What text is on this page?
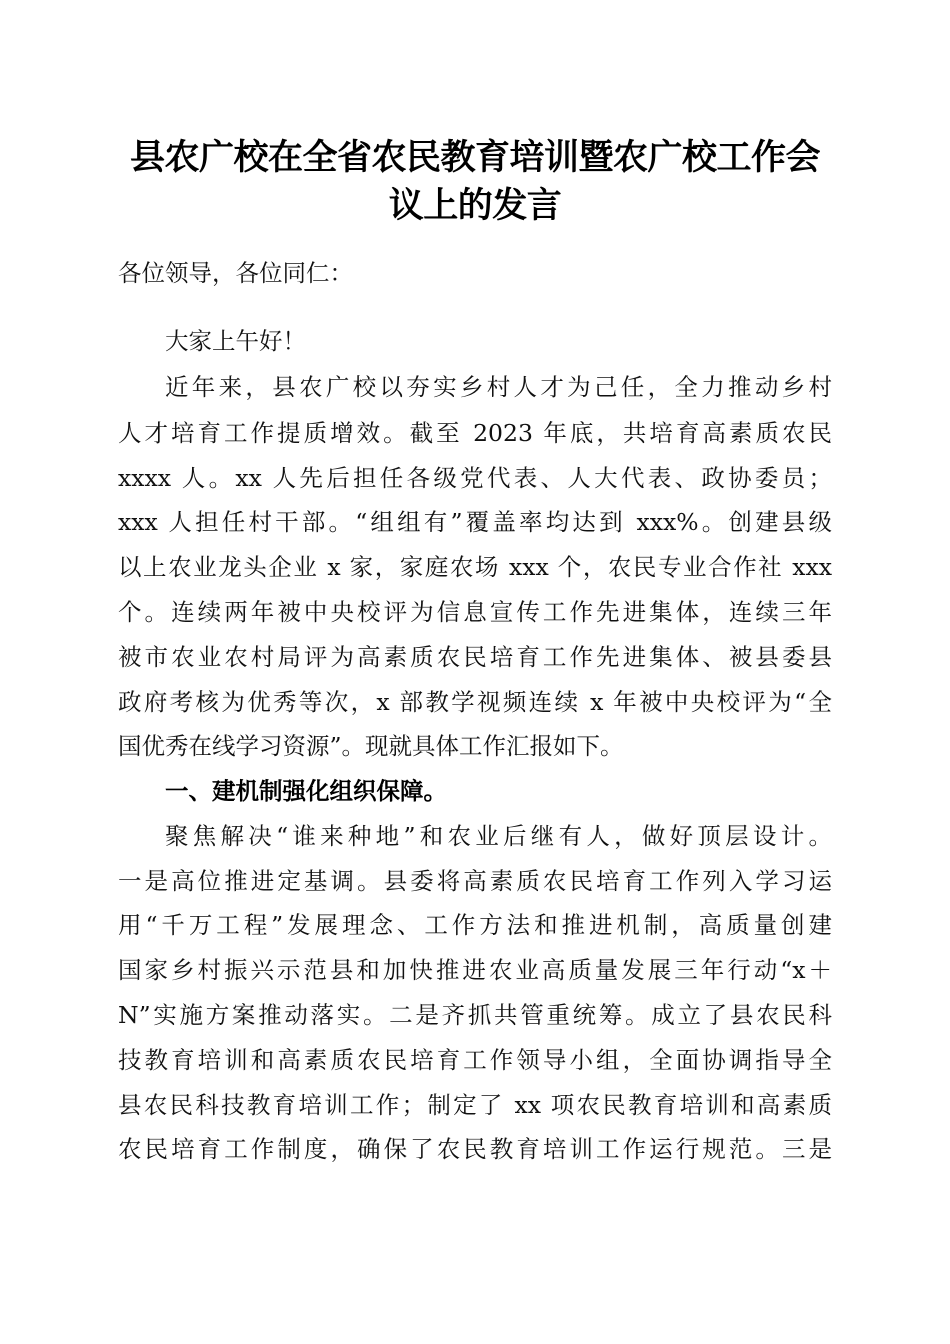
县农广校在全省农民教育培训暨农广校工作会
议上的发言
各位领导，各位同仁：
大家上午好！
近年来，县农广校以夯实乡村人才为己任，全力推动乡村
人才培育工作提质增效。截至 2023 年底，共培育高素质农民
xxxx 人。xx 人先后担任各级党代表、人大代表、政协委员；
xxx 人担任村干部。“组组有”覆盖率均达到 xxx%。创建县级
以上农业龙头企业 x 家，家庭农场 xxx 个，农民专业合作社 xxx
个。连续两年被中央校评为信息宣传工作先进集体，连续三年
被市农业农村局评为高素质农民培育工作先进集体、被县委县
政府考核为优秀等次，x 部教学视频连续 x 年被中央校评为“全
国优秀在线学习资源”。现就具体工作汇报如下。
一、建机制强化组织保障。
聚焦解决“谁来种地”和农业后继有人，做好顶层设计。
一是高位推进定基调。县委将高素质农民培育工作列入学习运
用“千万工程”发展理念、工作方法和推进机制，高质量创建
国家乡村振兴示范县和加快推进农业高质量发展三年行动“x＋
N”实施方案推动落实。二是齐抓共管重统筹。成立了县农民科
技教育培训和高素质农民培育工作领导小组，全面协调指导全
县农民科技教育培训工作；制定了 xx 项农民教育培训和高素质
农民培育工作制度，确保了农民教育培训工作运行规范。三是
